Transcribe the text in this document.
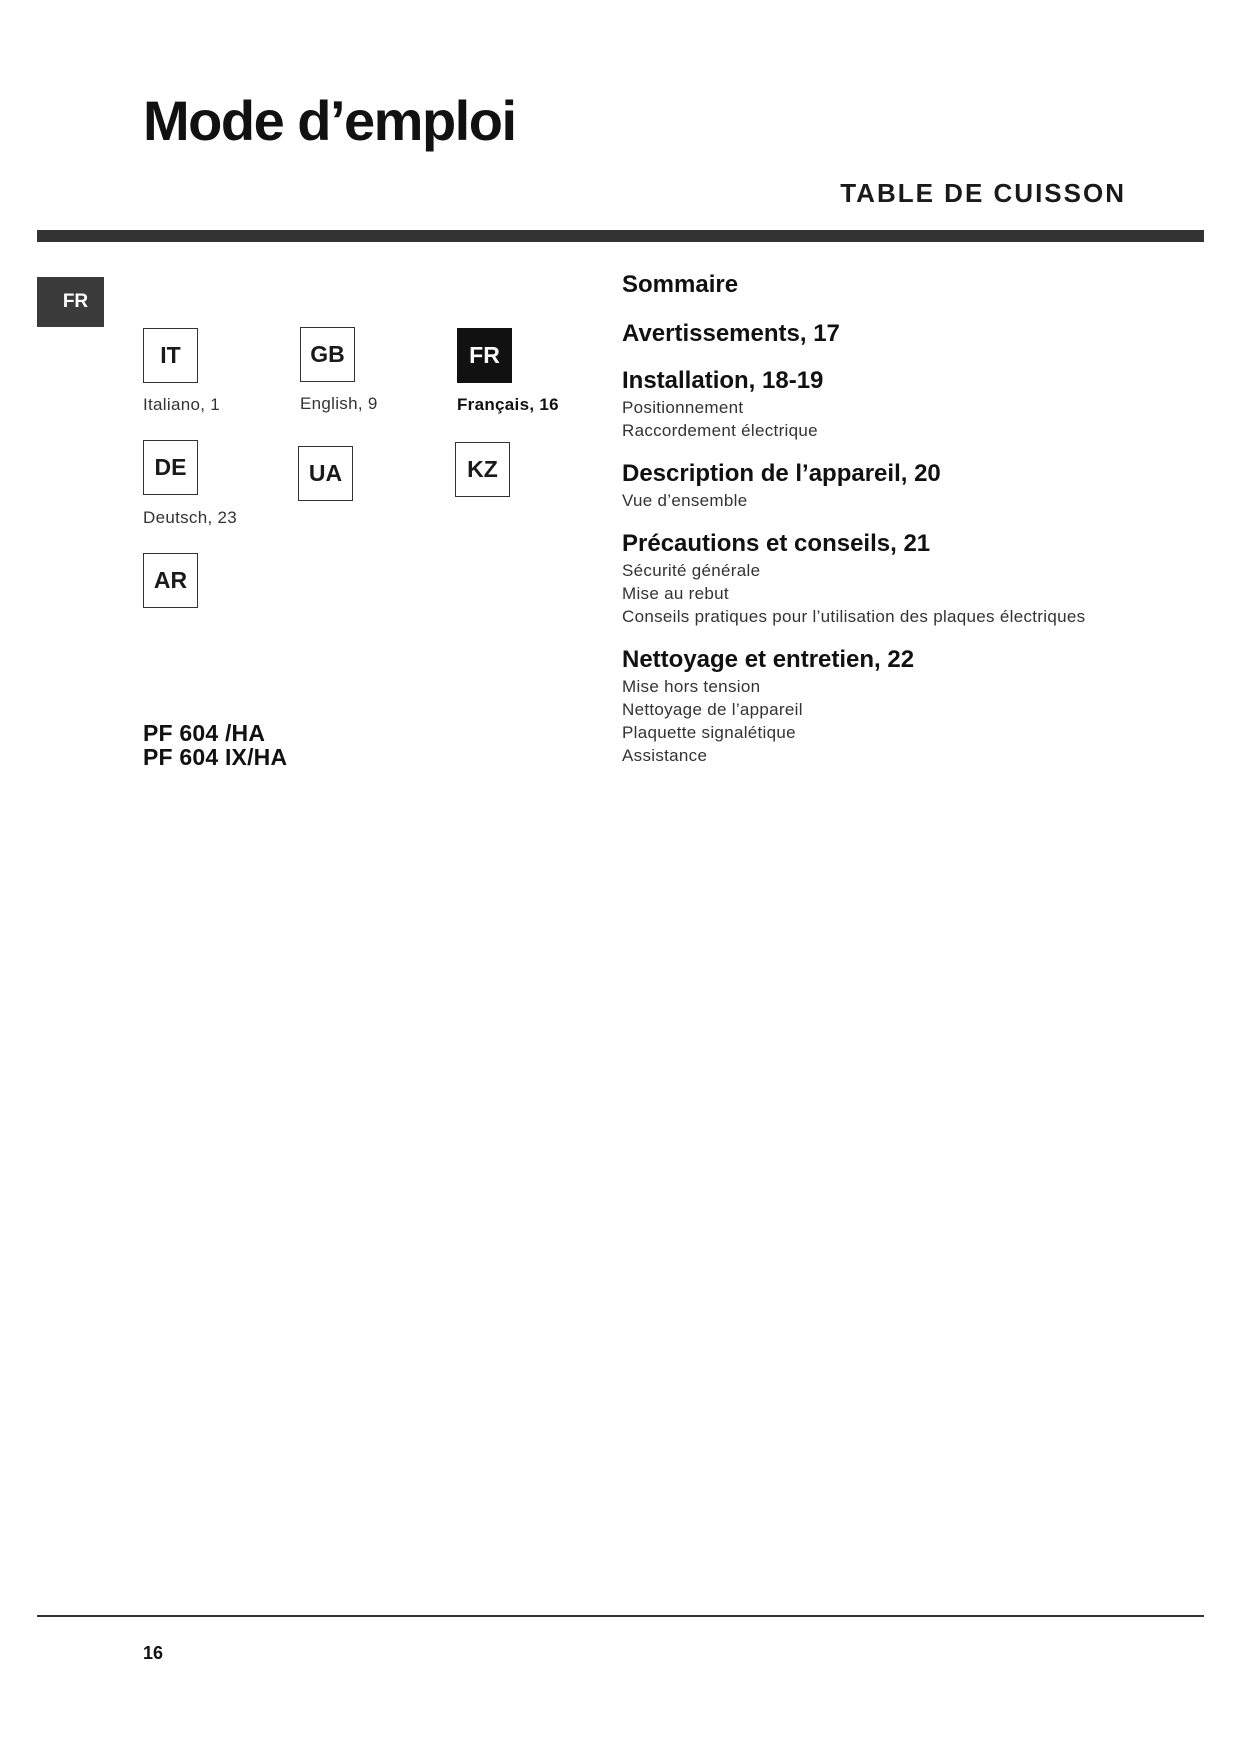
Mode d’emploi
TABLE DE CUISSON
FR
IT
Italiano, 1
GB
English, 9
FR
Français, 16
DE
Deutsch, 23
UA	KZ
AR
PF 604 /HA
PF 604 IX/HA
Sommaire
Avertissements, 17
Installation, 18-19
Positionnement
Raccordement électrique
Description de l’appareil, 20
Vue d’ensemble
Précautions et conseils, 21
Sécurité générale
Mise au rebut
Conseils pratiques pour l’utilisation des plaques électriques
Nettoyage et entretien, 22
Mise hors tension
Nettoyage de l’appareil
Plaquette signalétique
Assistance
16
